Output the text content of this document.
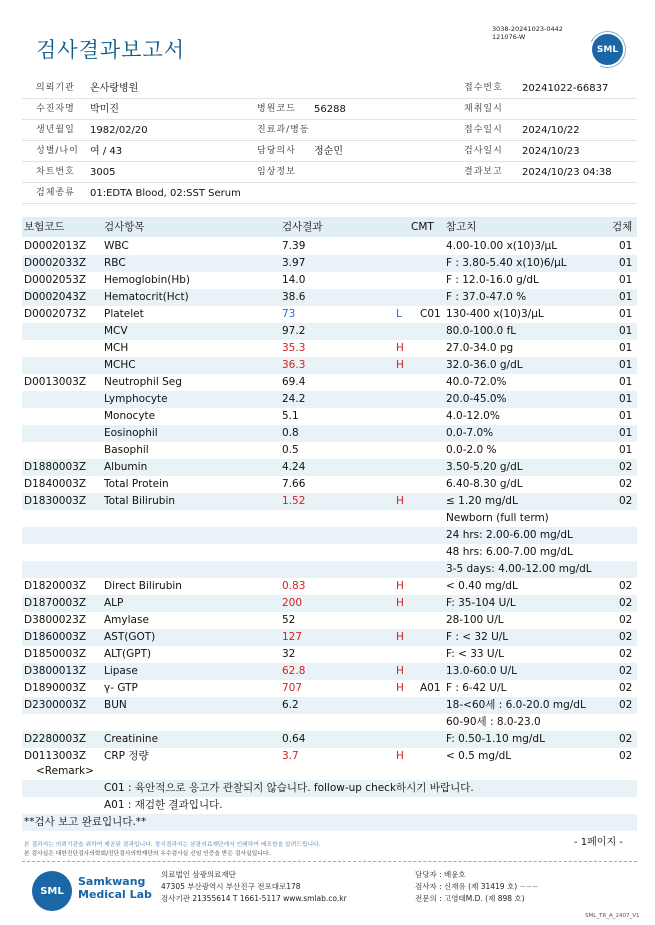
검사결과보고서
3038-20241023-0442
121076-W
SML
의뢰기관 온사랑병원	접수번호 20241022-66837
수진자명 박미진	병원코드 56288	채취일시
생년월일 1982/02/20	진료과/병동	접수일시 2024/10/22
성별/나이 여 / 43	담당의사 정순민	검사일시 2024/10/23
차트번호 3005	임상정보	결과보고 2024/10/23 04:38
검체종류 01:EDTA Blood, 02:SST Serum
보험코드	검사항목	검사결과	CMT 참고치	검체
D0002013Z WBC	7.39	4.00-10.00 x(10)3/μL	01
D0002033Z RBC	3.97	F : 3.80-5.40 x(10)6/μL	01
D0002053Z Hemoglobin(Hb)	14.0	F : 12.0-16.0 g/dL	01
D0002043Z Hematocrit(Hct)	38.6	F : 37.0-47.0 %	01
D0002073Z Platelet	73	L C01 130-400 x(10)3/μL	01
MCV	97.2	80.0-100.0 fL	01
MCH	35.3	H	27.0-34.0 pg	01
MCHC	36.3	H	32.0-36.0 g/dL	01
D0013003Z Neutrophil Seg	69.4	40.0-72.0%	01
Lymphocyte	24.2	20.0-45.0%	01
Monocyte	5.1	4.0-12.0%	01
Eosinophil	0.8	0.0-7.0%	01
Basophil	0.5	0.0-2.0 %	01
D1880003Z Albumin	4.24	3.50-5.20 g/dL	02
D1840003Z Total Protein	7.66	6.40-8.30 g/dL	02
D1830003Z Total Bilirubin	1.52	H	≤ 1.20 mg/dL	02
Newborn (full term)
24 hrs: 2.00-6.00 mg/dL
48 hrs: 6.00-7.00 mg/dL
3-5 days: 4.00-12.00 mg/dL
D1820003Z Direct Bilirubin	0.83	H	< 0.40 mg/dL	02
D1870003Z ALP	200	H	F: 35-104 U/L	02
D3800023Z Amylase	52	28-100 U/L	02
D1860003Z AST(GOT)	127	H	F : < 32 U/L	02
D1850003Z ALT(GPT)	32	F: < 33 U/L	02
D3800013Z Lipase	62.8	H	13.0-60.0 U/L	02
D1890003Z γ- GTP	707	H A01 F : 6-42 U/L	02
D2300003Z BUN	6.2	18-<60세 : 6.0-20.0 mg/dL	02
60-90세 : 8.0-23.0
D2280003Z Creatinine	0.64	F: 0.50-1.10 mg/dL	02
D0113003Z CRP 정량	3.7	H	< 0.5 mg/dL	02
<Remark>
C01 : 육안적으로 응고가 관찰되지 않습니다. follow-up check하시기 바랍니다.
A01 : 재검한 결과입니다.
**검사 보고 완료입니다.**
- 1페이지 -
본 결과지는 의뢰기관을 위하여 제공된 결과입니다. 정식결과지는 삼광의료재단에서 인쇄하여 배포함을 알려드립니다.
본 검사실은 대한진단검사의학회/진단검사의학재단의 우수검사실 신임 인증을 받은 검사실입니다.
SML
Samkwang
Medical Lab
의료법인 삼광의료재단
47305 부산광역시 부산진구 전포대로178
검사기관 21355614 T 1661-5117 www.smlab.co.kr
담당자 : 배윤호
검사자 : 신재유 (제 31419 호) ~∽~
전문의 : 고영태M.D. (제 898 호)
SML_TR_A_2407_V1
